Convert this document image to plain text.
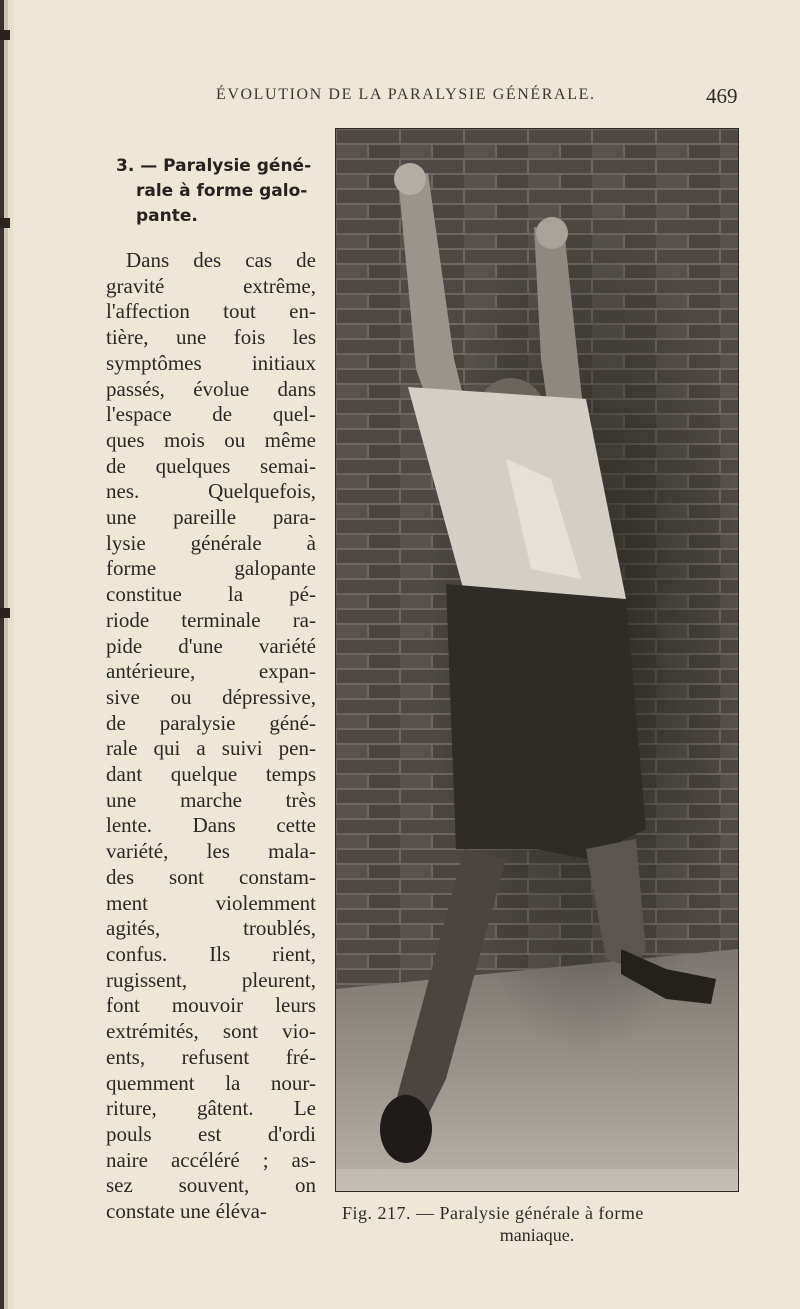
ÉVOLUTION DE LA PARALYSIE GÉNÉRALE.	469
3. — Paralysie géné-
rale à forme galo-
pante.
Dans des cas de
gravité extrême,
l'affection tout en-
tière, une fois les
symptômes initiaux
passés, évolue dans
l'espace de quel-
ques mois ou même
de quelques semai-
nes. Quelquefois,
une pareille para-
lysie générale à
forme galopante
constitue la pé-
riode terminale ra-
pide d'une variété
antérieure, expan-
sive ou dépressive,
de paralysie géné-
rale qui a suivi pen-
dant quelque temps
une marche très
lente. Dans cette
variété, les mala-
des sont constam-
ment violemment
agités, troublés,
confus. Ils rient,
rugissent, pleurent,
font mouvoir leurs
extrémités, sont vio-
ents, refusent fré-
quemment la nour-
riture, gâtent. Le
pouls est d'ordi
naire accéléré ; as-
sez souvent, on
constate une éléva-	Fig. 217. — Paralysie générale à forme
maniaque.
